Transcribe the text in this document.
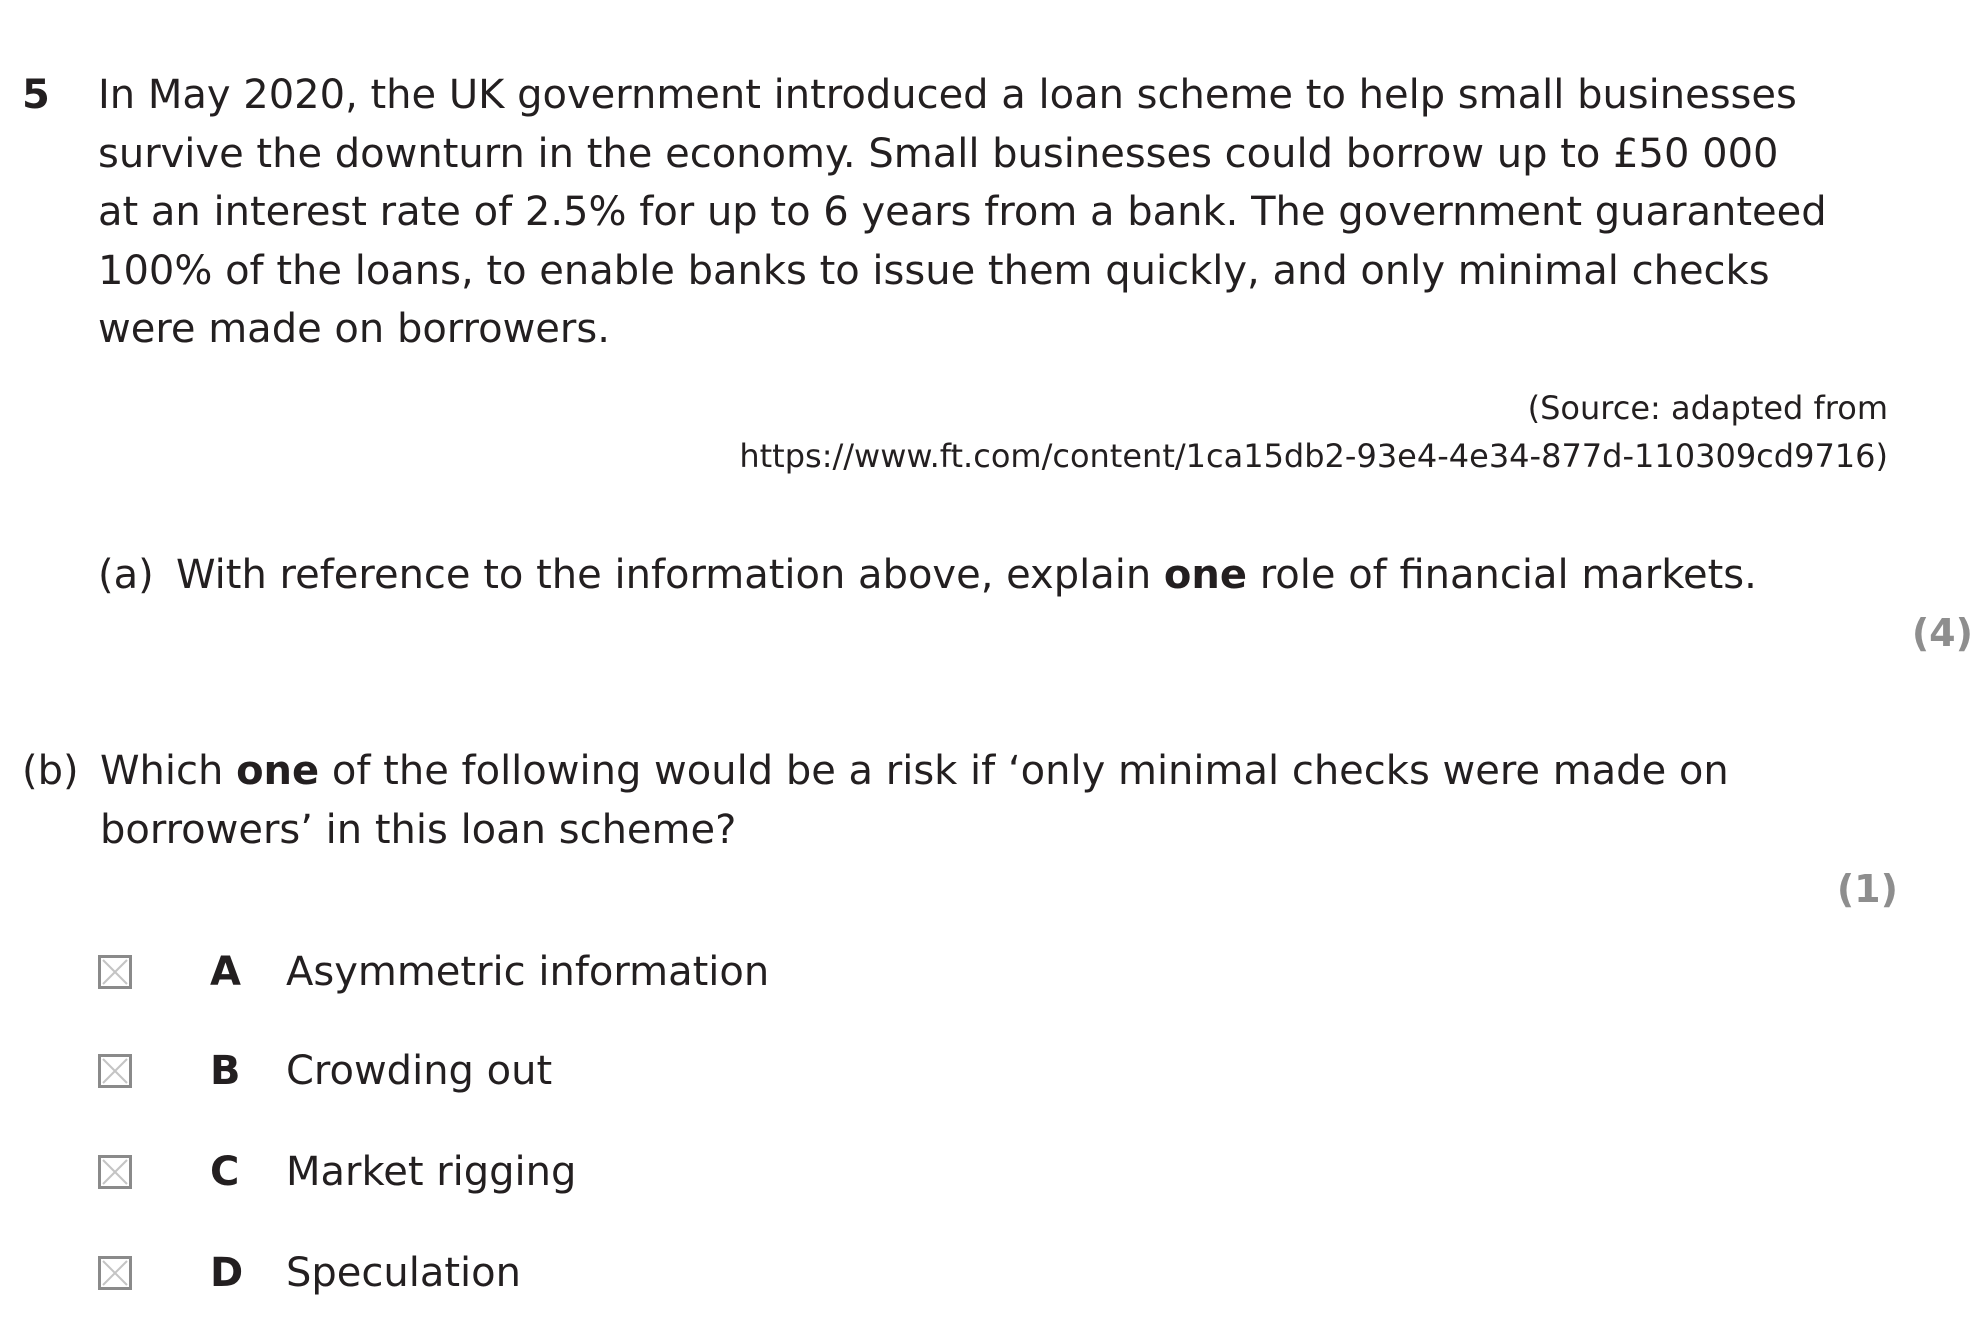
5 In May 2020, the UK government introduced a loan scheme to help small businesses
survive the downturn in the economy. Small businesses could borrow up to £50 000
at an interest rate of 2.5% for up to 6 years from a bank. The government guaranteed
100% of the loans, to enable banks to issue them quickly, and only minimal checks
were made on borrowers.
(Source: adapted from
https://www.ft.com/content/1ca15db2-93e4-4e34-877d-110309cd9716)
(a) With reference to the information above, explain one role of financial markets.
(4)
(b) Which one of the following would be a risk if ‘only minimal checks were made on
borrowers’ in this loan scheme?
(1)
A Asymmetric information
B Crowding out
C Market rigging
D Speculation
